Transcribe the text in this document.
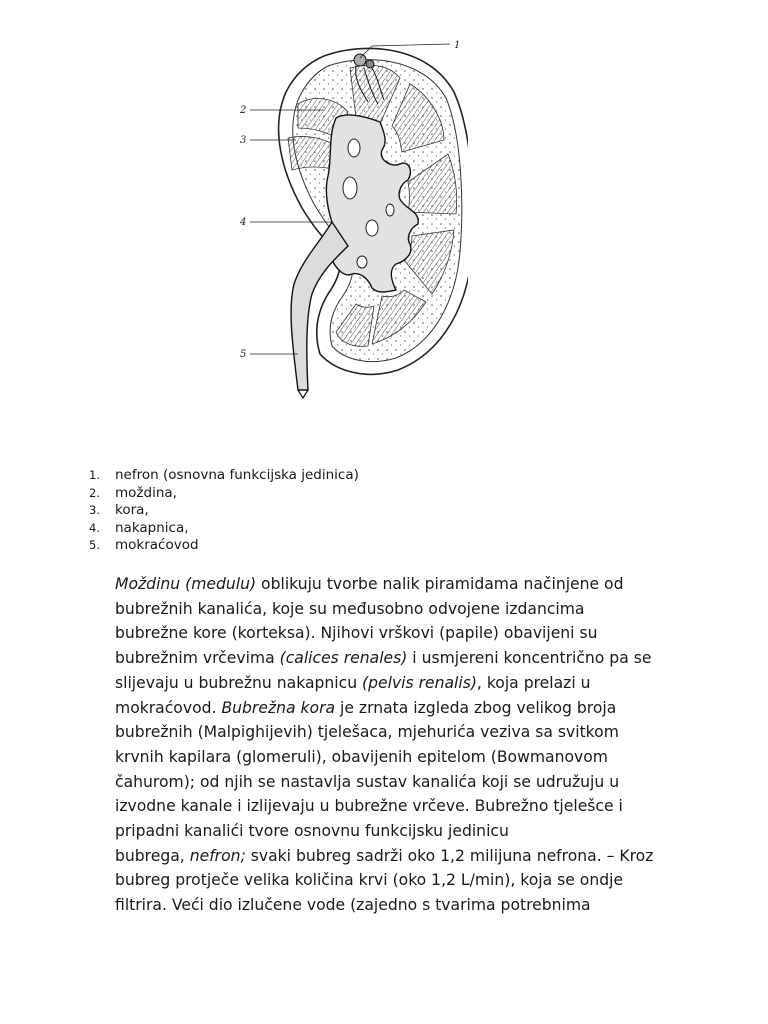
1
2
3
4
5
1.	nefron (osnovna funkcijska jedinica)
2.	moždina,
3.	kora,
4.	nakapnica,
5.	mokraćovod

Moždinu (medulu) oblikuju tvorbe nalik piramidama načinjene od
bubrežnih kanalića, koje su međusobno odvojene izdancima
bubrežne kore (korteksa). Njihovi vrškovi (papile) obavijeni su
bubrežnim vrčevima (calices renales) i usmjereni koncentrično pa se
slijevaju u bubrežnu nakapnicu (pelvis renalis), koja prelazi u
mokraćovod. Bubrežna kora je zrnata izgleda zbog velikog broja
bubrežnih (Malpighijevih) tjelešaca, mjehurića veziva sa svitkom
krvnih kapilara (glomeruli), obavijenih epitelom (Bowmanovom
čahurom); od njih se nastavlja sustav kanalića koji se udružuju u
izvodne kanale i izlijevaju u bubrežne vrčeve. Bubrežno tjelešce i
pripadni kanalići tvore osnovnu funkcijsku jedinicu
bubrega, nefron; svaki bubreg sadrži oko 1,2 milijuna nefrona. – Kroz
bubreg protječe velika količina krvi (oko 1,2 L/min), koja se ondje
filtrira. Veći dio izlučene vode (zajedno s tvarima potrebnima
